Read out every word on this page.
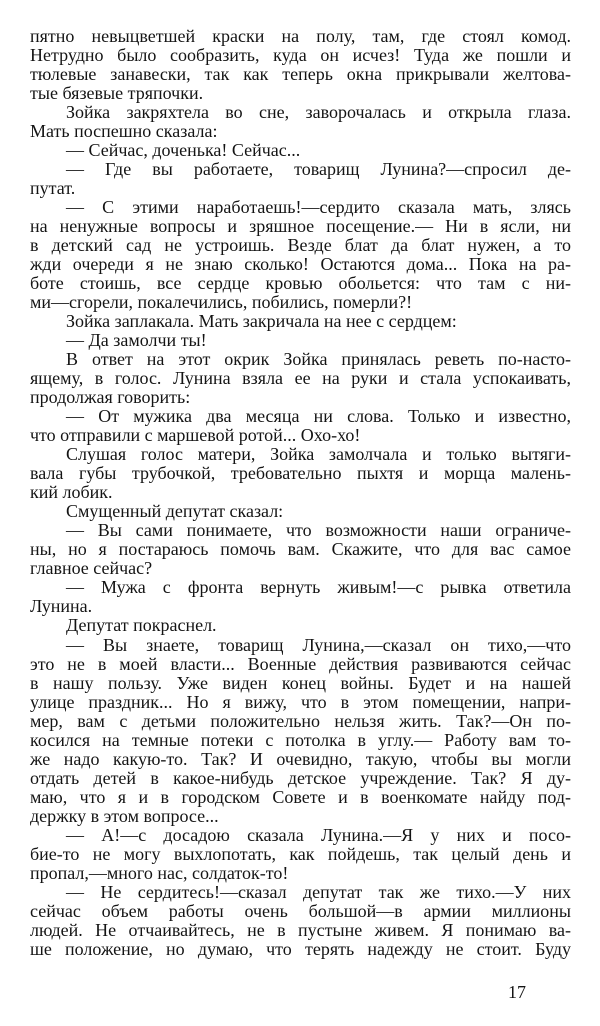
пятно невыцветшей краски на полу, там, где стоял комод.
Нетрудно было сообразить, куда он исчез! Туда же пошли и
тюлевые занавески, так как теперь окна прикрывали желтова-
тые бязевые тряпочки.
Зойка закряхтела во сне, заворочалась и открыла глаза.
Мать поспешно сказала:
— Сейчас, доченька! Сейчас...
— Где вы работаете, товарищ Лунина?—спросил де-
путат.
— С этими наработаешь!—сердито сказала мать, злясь
на ненужные вопросы и зряшное посещение.— Ни в ясли, ни
в детский сад не устроишь. Везде блат да блат нужен, а то
жди очереди я не знаю сколько! Остаются дома... Пока на ра-
боте стоишь, все сердце кровью обольется: что там с ни-
ми—сгорели, покалечились, побились, померли?!
Зойка заплакала. Мать закричала на нее с сердцем:
— Да замолчи ты!
В ответ на этот окрик Зойка принялась реветь по-насто-
ящему, в голос. Лунина взяла ее на руки и стала успокаивать,
продолжая говорить:
— От мужика два месяца ни слова. Только и известно,
что отправили с маршевой ротой... Охо-хо!
Слушая голос матери, Зойка замолчала и только вытяги-
вала губы трубочкой, требовательно пыхтя и морща малень-
кий лобик.
Смущенный депутат сказал:
— Вы сами понимаете, что возможности наши ограниче-
ны, но я постараюсь помочь вам. Скажите, что для вас самое
главное сейчас?
— Мужа с фронта вернуть живым!—с рывка ответила
Лунина.
Депутат покраснел.
— Вы знаете, товарищ Лунина,—сказал он тихо,—что
это не в моей власти... Военные действия развиваются сейчас
в нашу пользу. Уже виден конец войны. Будет и на нашей
улице праздник... Но я вижу, что в этом помещении, напри-
мер, вам с детьми положительно нельзя жить. Так?—Он по-
косился на темные потеки с потолка в углу.— Работу вам то-
же надо какую-то. Так? И очевидно, такую, чтобы вы могли
отдать детей в какое-нибудь детское учреждение. Так? Я ду-
маю, что я и в городском Совете и в военкомате найду под-
держку в этом вопросе...
— А!—с досадою сказала Лунина.—Я у них и посо-
бие-то не могу выхлопотать, как пойдешь, так целый день и
пропал,—много нас, солдаток-то!
— Не сердитесь!—сказал депутат так же тихо.—У них
сейчас объем работы очень большой—в армии миллионы
людей. Не отчаивайтесь, не в пустыне живем. Я понимаю ва-
ше положение, но думаю, что терять надежду не стоит. Буду
17
